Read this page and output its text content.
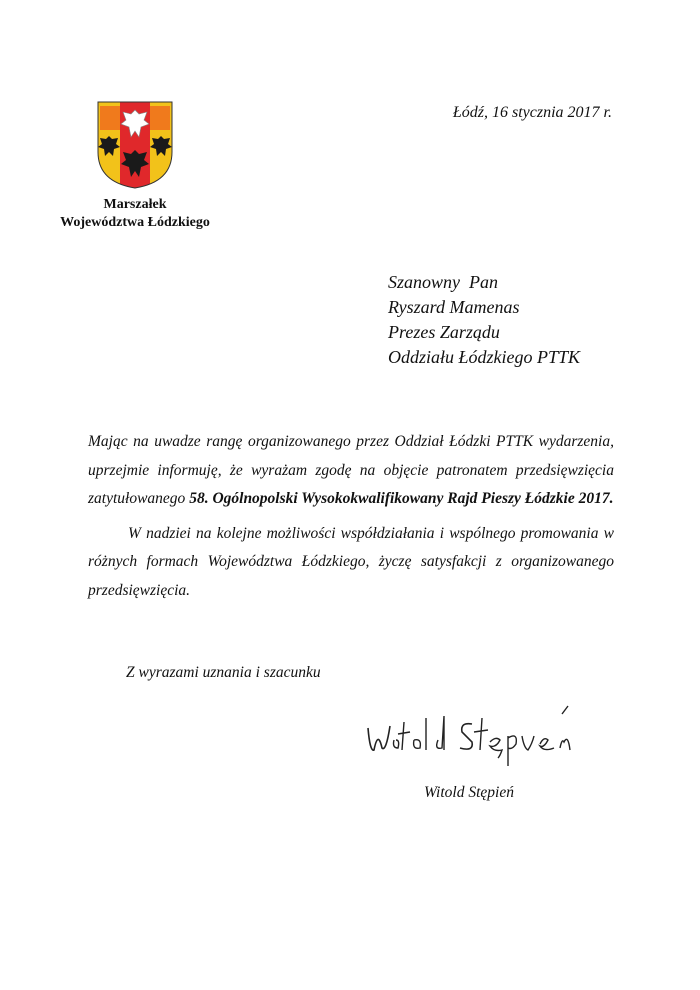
Marszałek
Województwa Łódzkiego
Łódź, 16 stycznia 2017 r.
Szanowny  Pan
Ryszard Mamenas
Prezes Zarządu
Oddziału Łódzkiego PTTK

Mając na uwadze rangę organizowanego przez Oddział Łódzki PTTK wydarzenia, uprzejmie informuję, że wyrażam zgodę na objęcie patronatem przedsięwzięcia zatytułowanego 58. Ogólnopolski Wysokokwalifikowany Rajd Pieszy Łódzkie 2017.

W nadziei na kolejne możliwości współdziałania i wspólnego promowania w różnych formach Województwa Łódzkiego, życzę satysfakcji z organizowanego przedsięwzięcia.

Z wyrazami uznania i szacunku
Witold Stępień
